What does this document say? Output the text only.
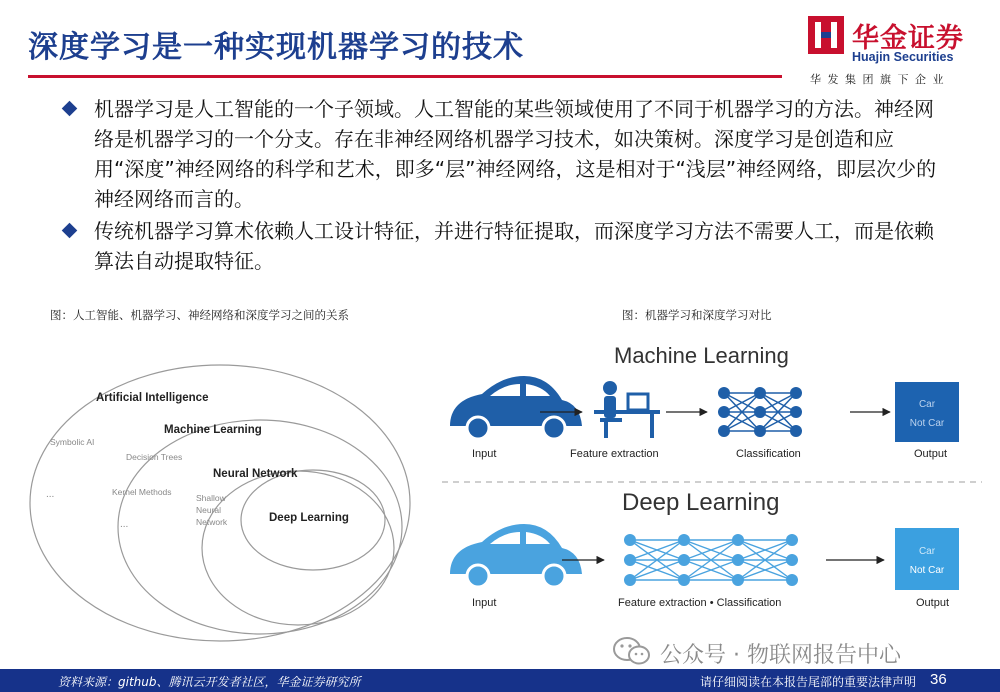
深度学习是一种实现机器学习的技术	华金证券
Huajin Securities
华发集团旗下企业
机器学习是人工智能的一个子领域。人工智能的某些领域使用了不同于机器学习的方法。神经网络是机器学习的一个分支。存在非神经网络机器学习技术，如决策树。深度学习是创造和应用“深度”神经网络的科学和艺术，即多“层”神经网络，这是相对于“浅层”神经网络，即层次少的神经网络而言的。
传统机器学习算术依赖人工设计特征，并进行特征提取，而深度学习方法不需要人工，而是依赖算法自动提取特征。
图：人工智能、机器学习、神经网络和深度学习之间的关系	图：机器学习和深度学习对比
Artificial Intelligence
Machine Learning
Neural Network
Deep Learning
Symbolic AI
Decision Trees
Kernel Methods
Shallow
Neural
Network
...
...
Machine Learning
Input	Feature extraction	Classification
Car
Not Car
Output
Deep Learning
Input	Feature extraction • Classification
Car
Not Car
Output
公众号 · 物联网报告中心
资料来源：github、腾讯云开发者社区，华金证券研究所	请仔细阅读在本报告尾部的重要法律声明 36
